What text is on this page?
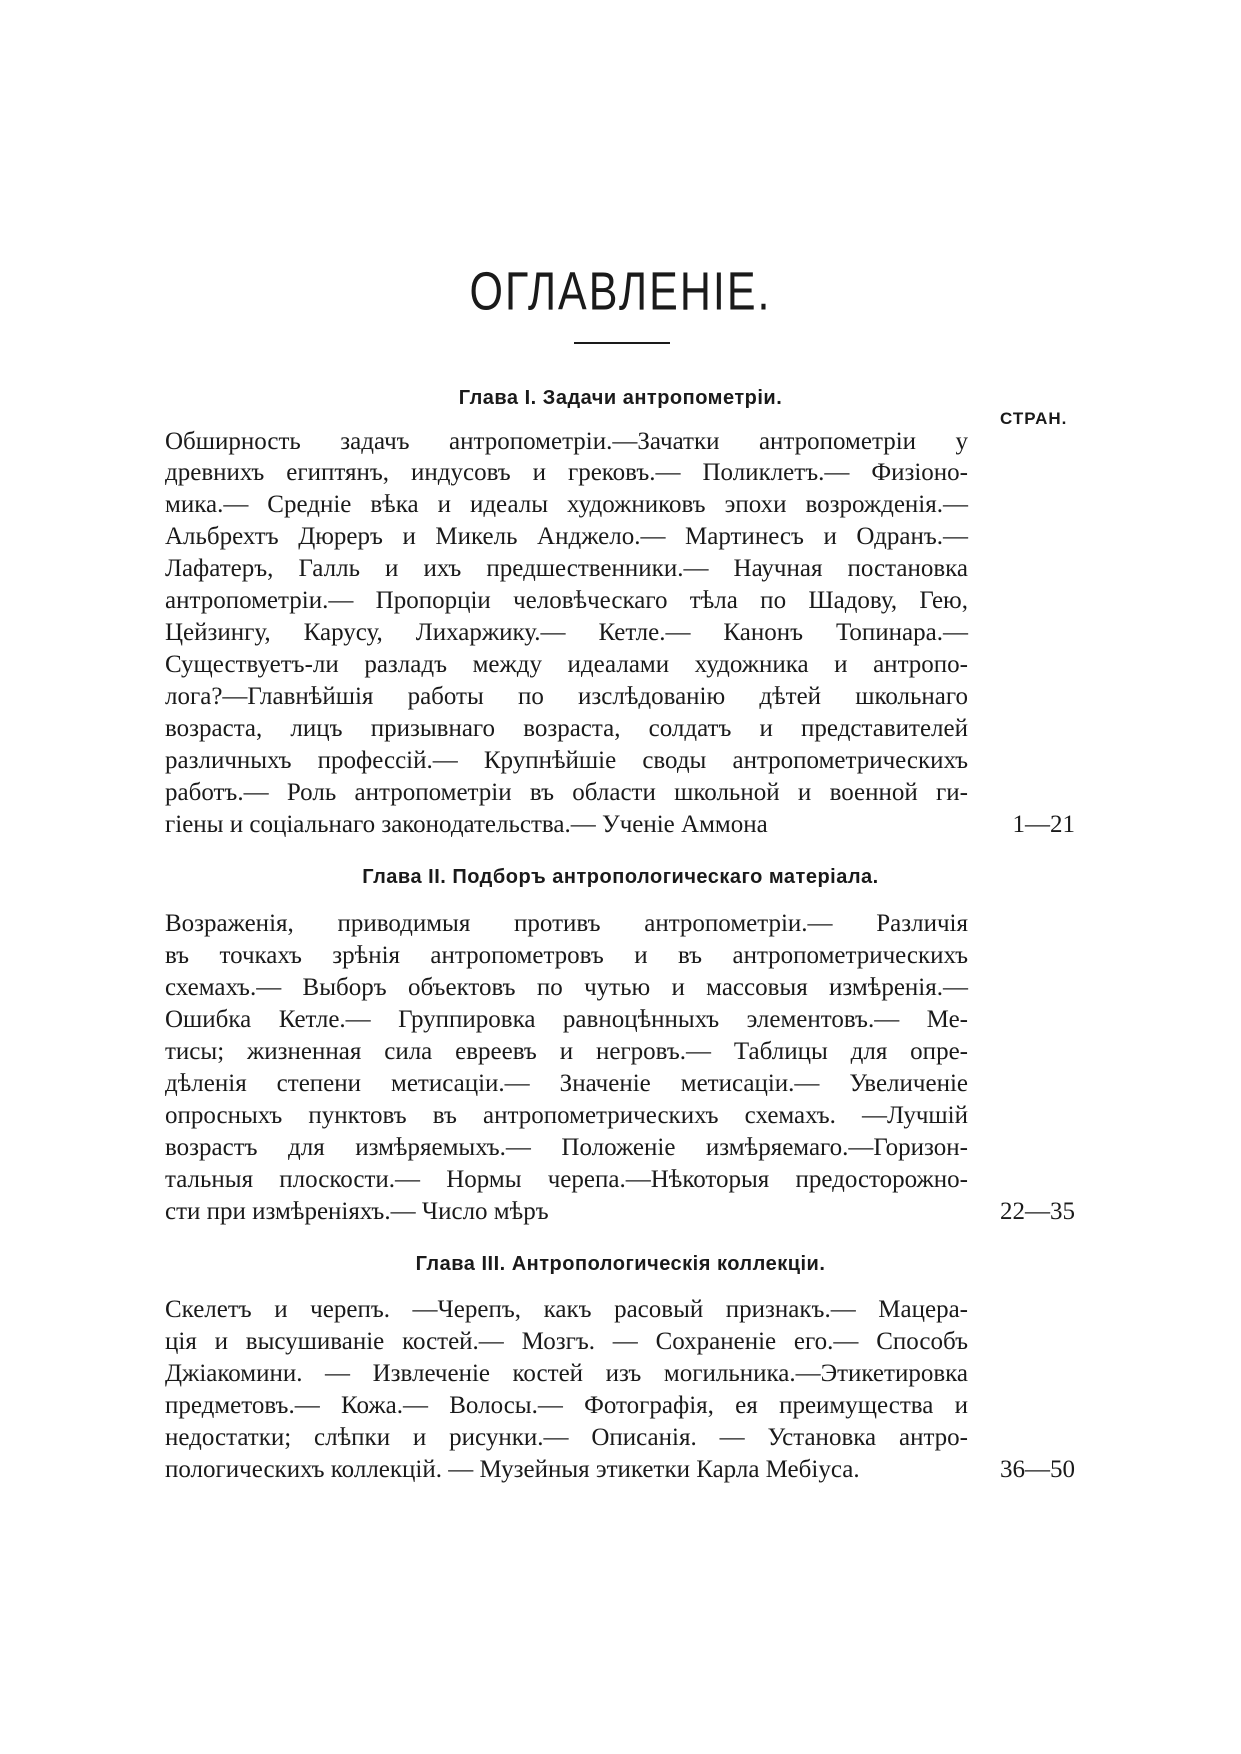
ОГЛАВЛЕНІЕ.
СТРАН.
Глава I. Задачи антропометріи.
Обширность задачъ антропометріи.—Зачатки антропометріи у
древнихъ египтянъ, индусовъ и грековъ.— Поликлетъ.— Физіоно-
мика.— Средніе вѣка и идеалы художниковъ эпохи возрожденія.—
Альбрехтъ Дюреръ и Микель Анджело.— Мартинесъ и Одранъ.—
Лафатеръ, Галль и ихъ предшественники.— Научная постановка
антропометріи.— Пропорціи человѣческаго тѣла по Шадову, Гею,
Цейзингу, Карусу, Лихаржику.— Кетле.— Канонъ Топинара.—
Существуетъ-ли разладъ между идеалами художника и антропо-
лога?—Главнѣйшія работы по изслѣдованію дѣтей школьнаго
возраста, лицъ призывнаго возраста, солдатъ и представителей
различныхъ профессій.— Крупнѣйшіе своды антропометрическихъ
работъ.— Роль антропометріи въ области школьной и военной ги-
гіены и соціальнаго законодательства.— Ученіе Аммона	1—21
Глава II. Подборъ антропологическаго матеріала.
Возраженія, приводимыя противъ антропометріи.— Различія
въ точкахъ зрѣнія антропометровъ и въ антропометрическихъ
схемахъ.— Выборъ объектовъ по чутью и массовыя измѣренія.—
Ошибка Кетле.— Группировка равноцѣнныхъ элементовъ.— Ме-
тисы; жизненная сила евреевъ и негровъ.— Таблицы для опре-
дѣленія степени метисаціи.— Значеніе метисаціи.— Увеличеніе
опросныхъ пунктовъ въ антропометрическихъ схемахъ. —Лучшій
возрастъ для измѣряемыхъ.— Положеніе измѣряемаго.—Горизон-
тальныя плоскости.— Нормы черепа.—Нѣкоторыя предосторожно-
сти при измѣреніяхъ.— Число мѣръ	22—35
Глава III. Антропологическія коллекціи.
Скелетъ и черепъ. —Черепъ, какъ расовый признакъ.— Мацера-
ція и высушиваніе костей.— Мозгъ. — Сохраненіе его.— Способъ
Джіакомини. — Извлеченіе костей изъ могильника.—Этикетировка
предметовъ.— Кожа.— Волосы.— Фотографія, ея преимущества и
недостатки; слѣпки и рисунки.— Описанія. — Установка антро-
пологическихъ коллекцій. — Музейныя этикетки Карла Мебіуса.	36—50
